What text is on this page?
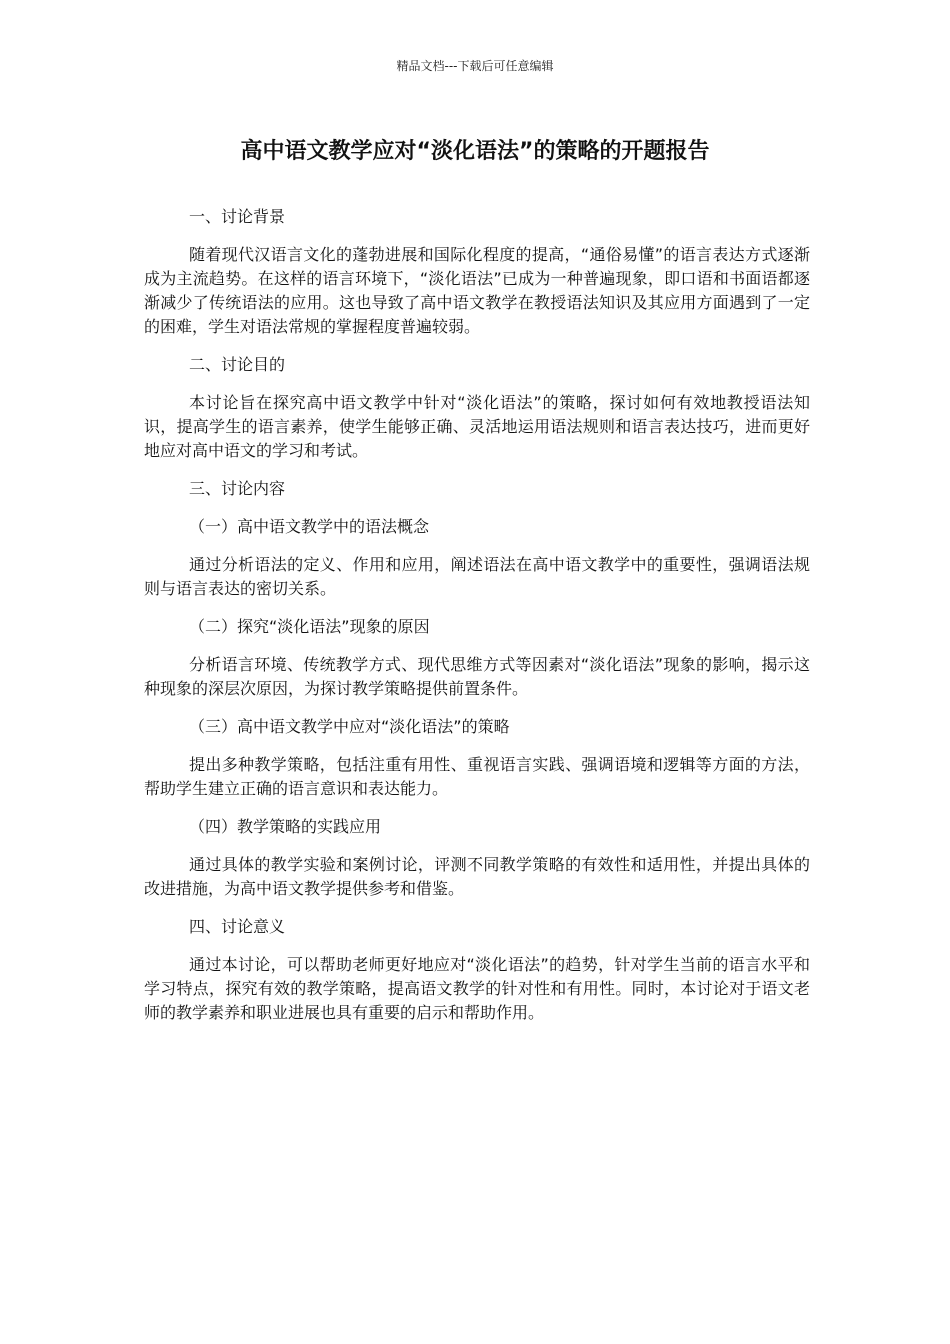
精品文档---下载后可任意编辑
高中语文教学应对“淡化语法”的策略的开题报告

一、讨论背景

随着现代汉语言文化的蓬勃进展和国际化程度的提高，“通俗易懂”的语言表达方式逐渐成为主流趋势。在这样的语言环境下，“淡化语法”已成为一种普遍现象，即口语和书面语都逐渐减少了传统语法的应用。这也导致了高中语文教学在教授语法知识及其应用方面遇到了一定的困难，学生对语法常规的掌握程度普遍较弱。

二、讨论目的

本讨论旨在探究高中语文教学中针对“淡化语法”的策略，探讨如何有效地教授语法知识，提高学生的语言素养，使学生能够正确、灵活地运用语法规则和语言表达技巧，进而更好地应对高中语文的学习和考试。

三、讨论内容

（一）高中语文教学中的语法概念

通过分析语法的定义、作用和应用，阐述语法在高中语文教学中的重要性，强调语法规则与语言表达的密切关系。

（二）探究“淡化语法”现象的原因

分析语言环境、传统教学方式、现代思维方式等因素对“淡化语法”现象的影响，揭示这种现象的深层次原因，为探讨教学策略提供前置条件。

（三）高中语文教学中应对“淡化语法”的策略

提出多种教学策略，包括注重有用性、重视语言实践、强调语境和逻辑等方面的方法，帮助学生建立正确的语言意识和表达能力。

（四）教学策略的实践应用

通过具体的教学实验和案例讨论，评测不同教学策略的有效性和适用性，并提出具体的改进措施，为高中语文教学提供参考和借鉴。

四、讨论意义

通过本讨论，可以帮助老师更好地应对“淡化语法”的趋势，针对学生当前的语言水平和学习特点，探究有效的教学策略，提高语文教学的针对性和有用性。同时，本讨论对于语文老师的教学素养和职业进展也具有重要的启示和帮助作用。
